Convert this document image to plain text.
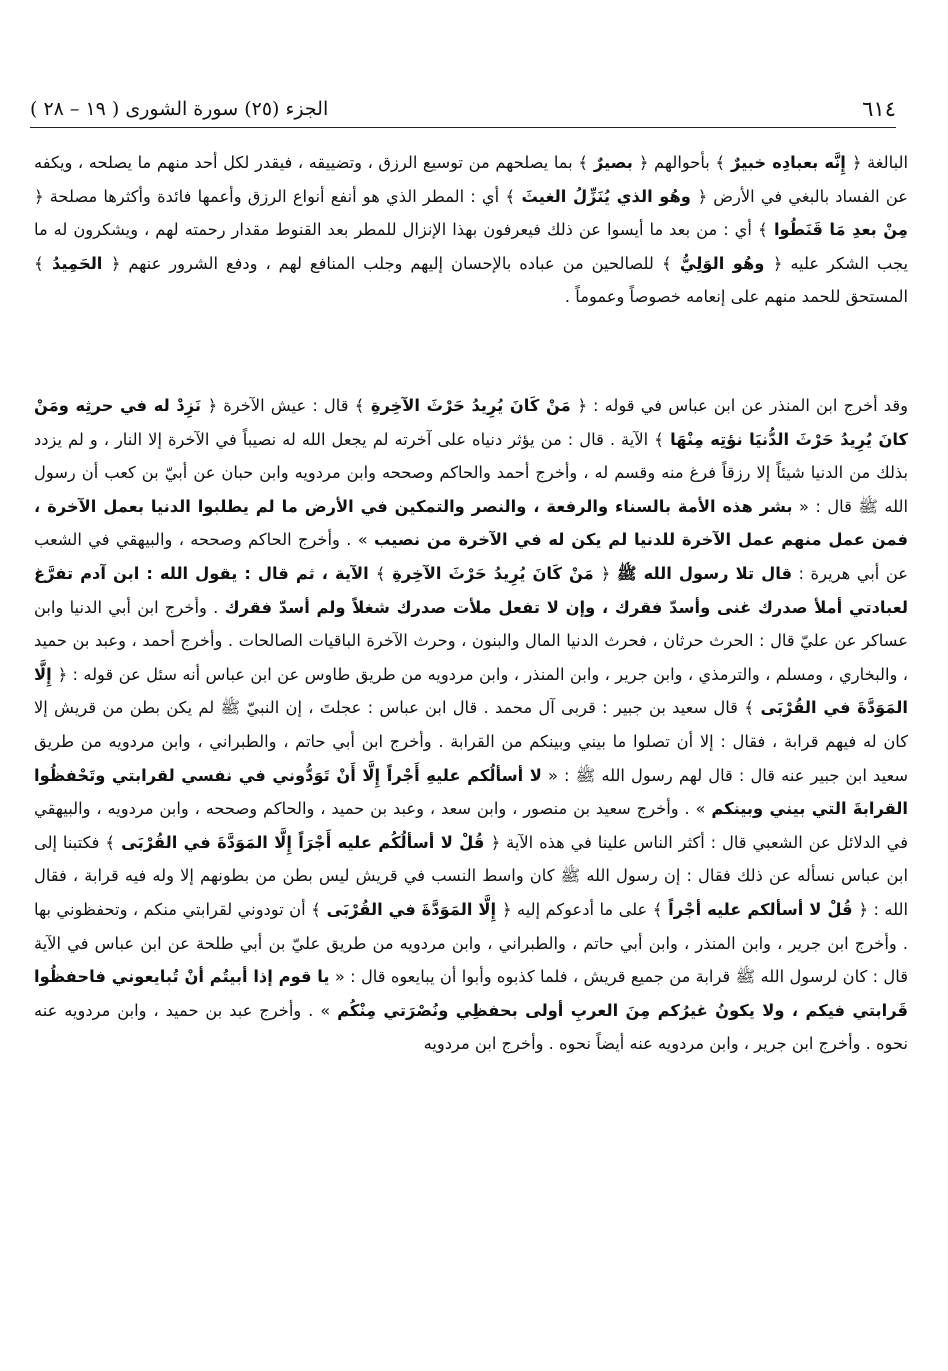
٦١٤
الجزء (٢٥) سورة الشورى ( ١٩ – ٢٨ )
البالغة ﴿ إِنَّه بعبادِه خبيرٌ ﴾ بأحوالهم ﴿ بصيرٌ ﴾ بما يصلحهم من توسيع الرزق ، وتضييقه ، فيقدر لكل أحد منهم ما يصلحه ، ويكفه عن الفساد بالبغي في الأرض ﴿ وهُو الذي يُنَزِّلُ الغيثَ ﴾ أي : المطر الذي هو أنفع أنواع الرزق وأعمها فائدة وأكثرها مصلحة ﴿ مِنْ بعدِ مَا قَنَطُوا ﴾ أي : من بعد ما أيسوا عن ذلك فيعرفون بهذا الإنزال للمطر بعد القنوط مقدار رحمته لهم ، ويشكرون له ما يجب الشكر عليه ﴿ وهُو الوَلِيُّ ﴾ للصالحين من عباده بالإحسان إليهم وجلب المنافع لهم ، ودفع الشرور عنهم ﴿ الحَمِيدُ ﴾ المستحق للحمد منهم على إنعامه خصوصاً وعموماً .
وقد أخرج ابن المنذر عن ابن عباس في قوله : ﴿ مَنْ كَانَ يُرِيدُ حَرْثَ الآخِرةِ ﴾ قال : عيش الآخرة ﴿ نَزِدْ له في حرثِه ومَنْ كانَ يُرِيدُ حَرْثَ الدُّنيَا نؤتِه مِنْهَا ﴾ الآية . قال : من يؤثر دنياه على آخرته لم يجعل الله له نصيباً في الآخرة إلا النار ، و لم يزدد بذلك من الدنيا شيئاً إلا رزقاً فرغ منه وقسم له ، وأخرج أحمد والحاكم وصححه وابن مردويه وابن حبان عن أبيّ بن كعب أن رسول الله ﷺ قال : « بشر هذه الأمة بالسناء والرفعة ، والنصر والتمكين في الأرض ما لم يطلبوا الدنيا بعمل الآخرة ، فمن عمل منهم عمل الآخرة للدنيا لم يكن له في الآخرة من نصيب » . وأخرج الحاكم وصححه ، والبيهقي في الشعب عن أبي هريرة : قال تلا رسول الله ﷺ ﴿ مَنْ كَانَ يُرِيدُ حَرْثَ الآخِرةِ ﴾ الآية ، ثم قال : يقول الله : ابن آدم تفرَّغ لعبادتي أملأ صدرك غنى وأسدّ فقرك ، وإن لا تفعل ملأت صدرك شغلاً ولم أسدّ فقرك . وأخرج ابن أبي الدنيا وابن عساكر عن عليّ قال : الحرث حرثان ، فحرث الدنيا المال والبنون ، وحرث الآخرة الباقيات الصالحات . وأخرج أحمد ، وعبد بن حميد ، والبخاري ، ومسلم ، والترمذي ، وابن جرير ، وابن المنذر ، وابن مردويه من طريق طاوس عن ابن عباس أنه سئل عن قوله : ﴿ إِلَّا المَوَدَّةَ في القُرْبَى ﴾ قال سعيد بن جبير : قربى آل محمد . قال ابن عباس : عجلتَ ، إن النبيّ ﷺ لم يكن بطن من قريش إلا كان له فيهم قرابة ، فقال : إلا أن تصلوا ما بيني وبينكم من القرابة . وأخرج ابن أبي حاتم ، والطبراني ، وابن مردويه من طريق سعيد ابن جبير عنه قال : قال لهم رسول الله ﷺ : « لا أسألُكم عليهِ أَجْراً إِلَّا أَنْ تَوَدُّوني في نفسي لقرابتي وتَحْفظُوا القرابةَ التي بيني وبينكم » . وأخرج سعيد بن منصور ، وابن سعد ، وعبد بن حميد ، والحاكم وصححه ، وابن مردويه ، والبيهقي في الدلائل عن الشعبي قال : أكثر الناس علينا في هذه الآية ﴿ قُلْ لا أسألُكُم عليه أَجْرَاً إِلَّا المَوَدَّةَ في القُرْبَى ﴾ فكتبنا إلى ابن عباس نسأله عن ذلك فقال : إن رسول الله ﷺ كان واسط النسب في قريش ليس بطن من بطونهم إلا وله فيه قرابة ، فقال الله : ﴿ قُلْ لا أسألكم عليه أجْراً ﴾ على ما أدعوكم إليه ﴿ إِلَّا المَوَدَّةَ في القُرْبَى ﴾ أن تودوني لقرابتي منكم ، وتحفظوني بها . وأخرج ابن جرير ، وابن المنذر ، وابن أبي حاتم ، والطبراني ، وابن مردويه من طريق عليّ بن أبي طلحة عن ابن عباس في الآية قال : كان لرسول الله ﷺ قرابة من جميع قريش ، فلما كذبوه وأبوا أن يبايعوه قال : « يا قوم إذا أبيتُم أنْ تُبايعوني فاحفظُوا قَرابتي فيكم ، ولا يكونُ غيرُكم مِنَ العربِ أولى بحفظِي ونُصْرَتي مِنْكُم » . وأخرج عبد بن حميد ، وابن مردويه عنه نحوه . وأخرج ابن جرير ، وابن مردويه عنه أيضاً نحوه . وأخرج ابن مردويه
